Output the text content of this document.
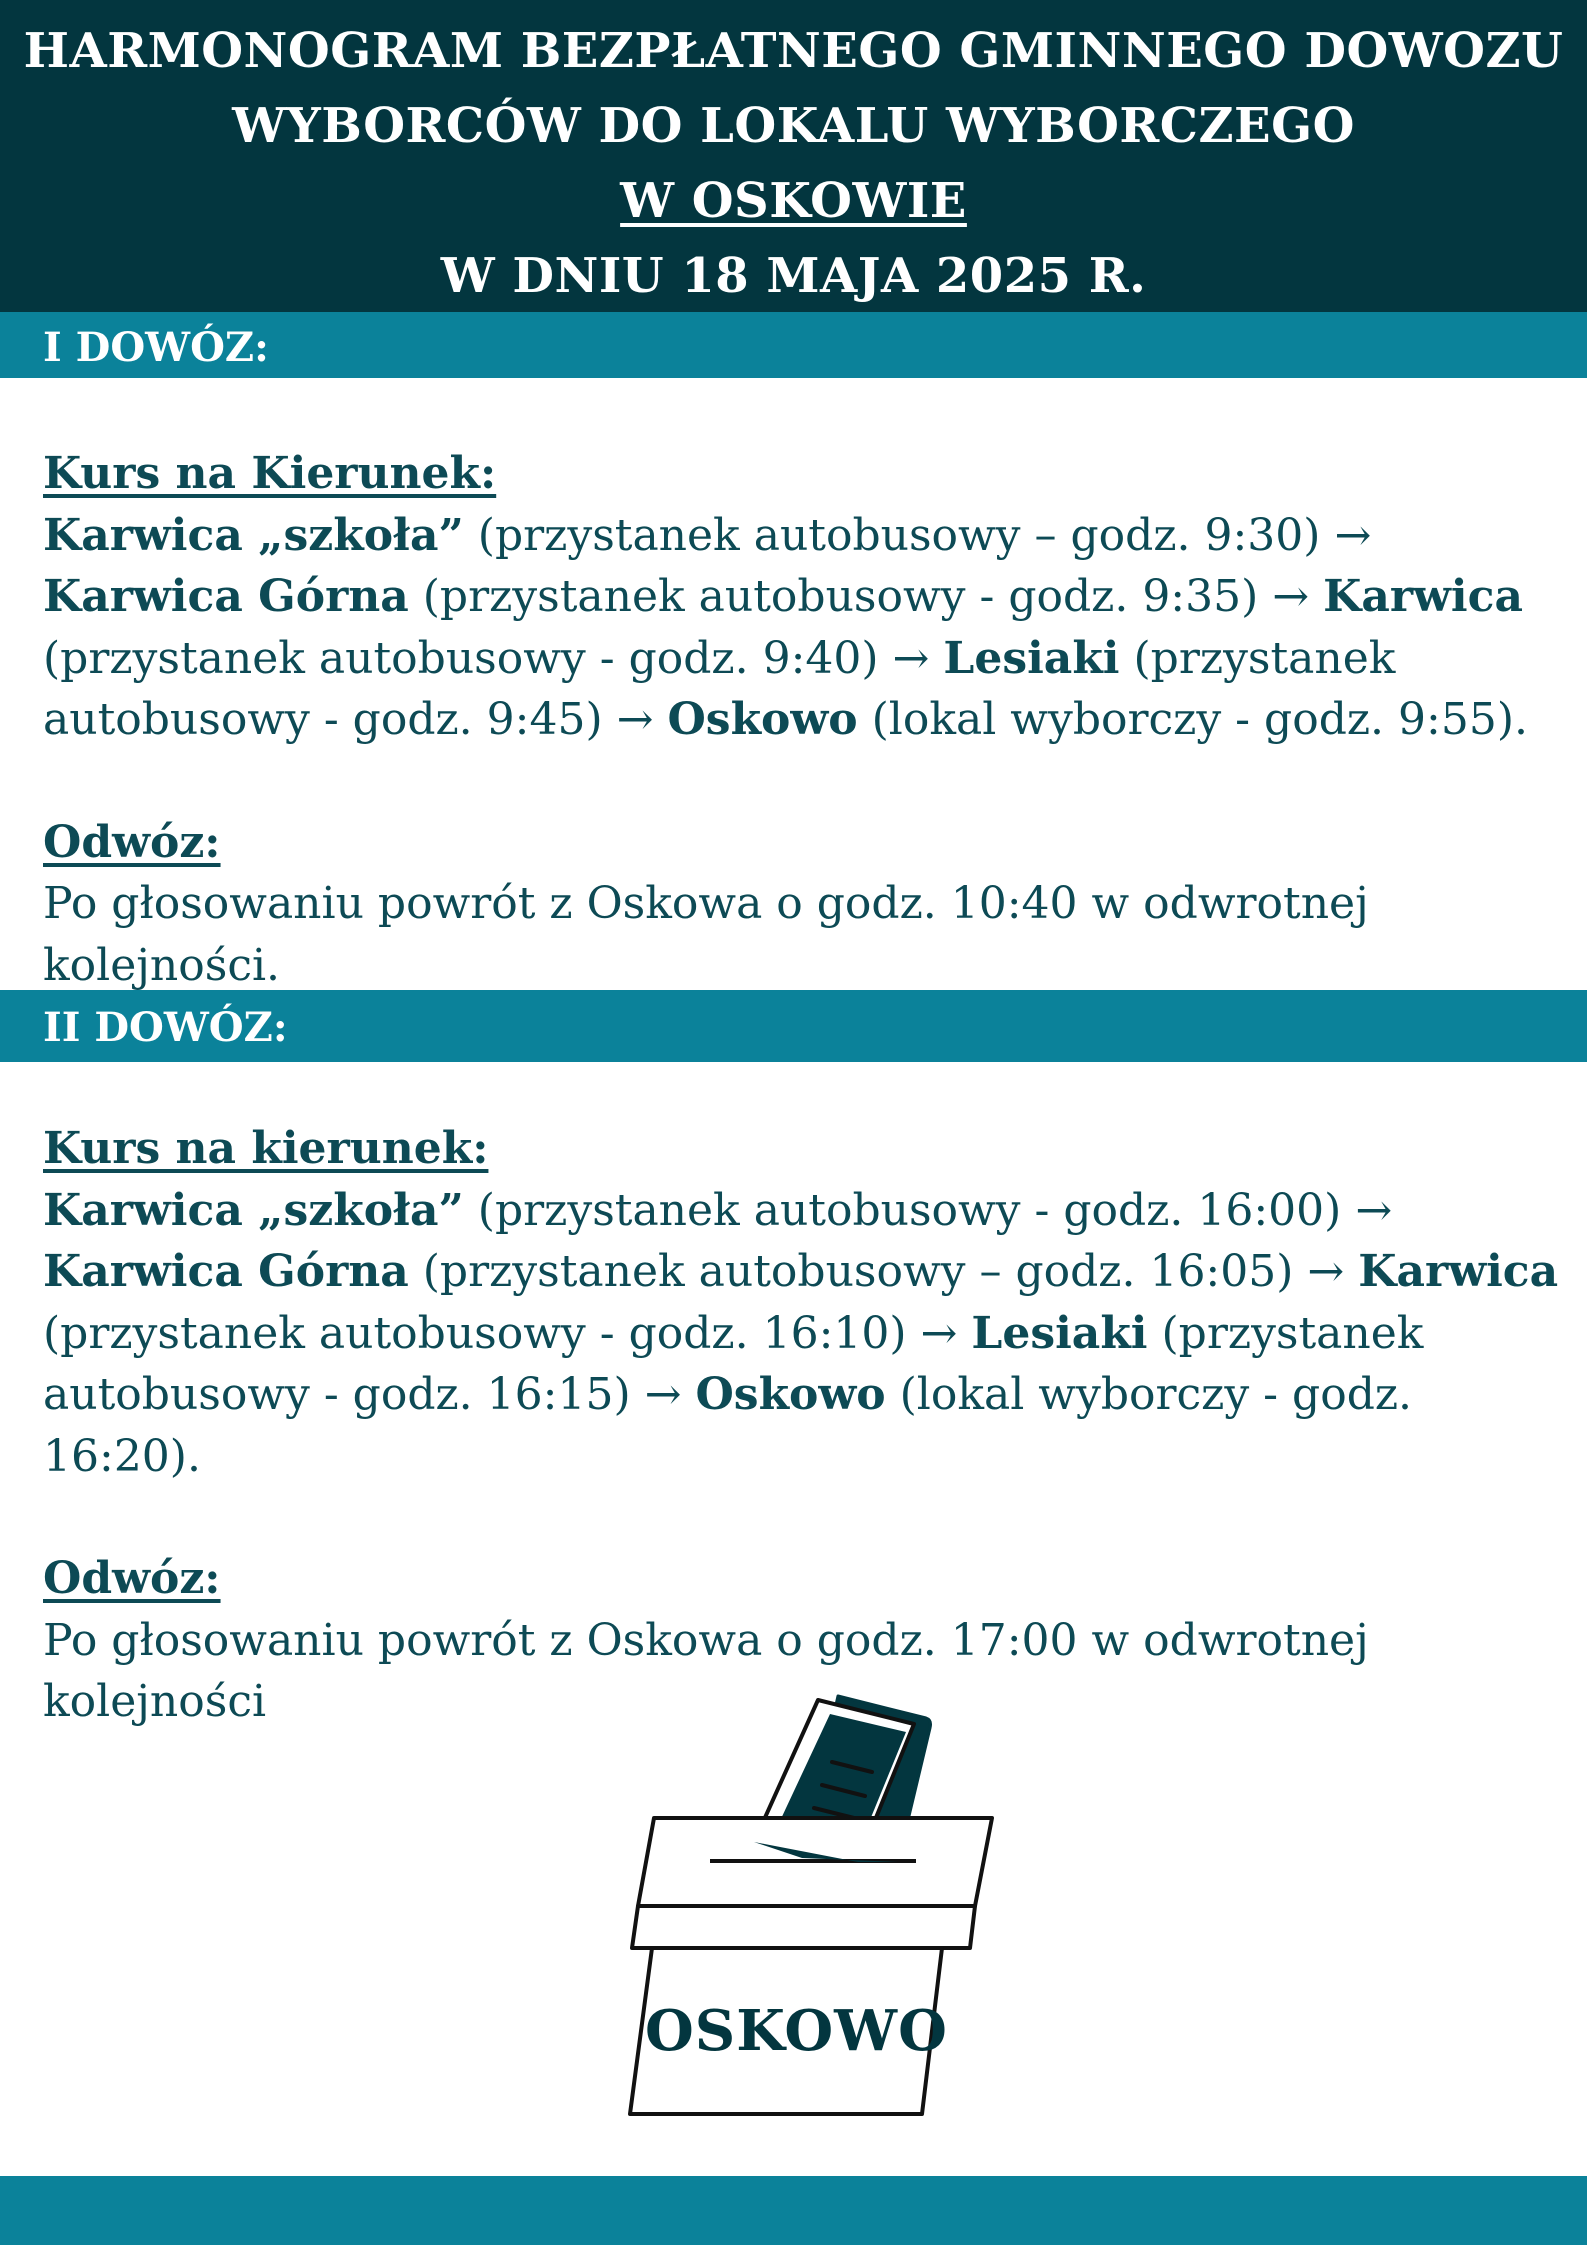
HARMONOGRAM BEZPŁATNEGO GMINNEGO DOWOZU
WYBORCÓW DO LOKALU WYBORCZEGO
W OSKOWIE
W DNIU 18 MAJA 2025 R.
I DOWÓZ:
Kurs na Kierunek:

Karwica „szkoła” (przystanek autobusowy – godz. 9:30) → Karwica Górna (przystanek autobusowy - godz. 9:35) → Karwica (przystanek autobusowy - godz. 9:40) → Lesiaki (przystanek autobusowy - godz. 9:45) → Oskowo (lokal wyborczy - godz. 9:55).

Odwóz:

Po głosowaniu powrót z Oskowa o godz. 10:40 w odwrotnej kolejności.

II DOWÓZ:
Kurs na kierunek:

Karwica „szkoła” (przystanek autobusowy - godz. 16:00) → Karwica Górna (przystanek autobusowy – godz. 16:05) → Karwica (przystanek autobusowy - godz. 16:10) → Lesiaki (przystanek autobusowy - godz. 16:15) → Oskowo (lokal wyborczy - godz. 16:20).

Odwóz:

Po głosowaniu powrót z Oskowa o godz. 17:00 w odwrotnej kolejności

OSKOWO
